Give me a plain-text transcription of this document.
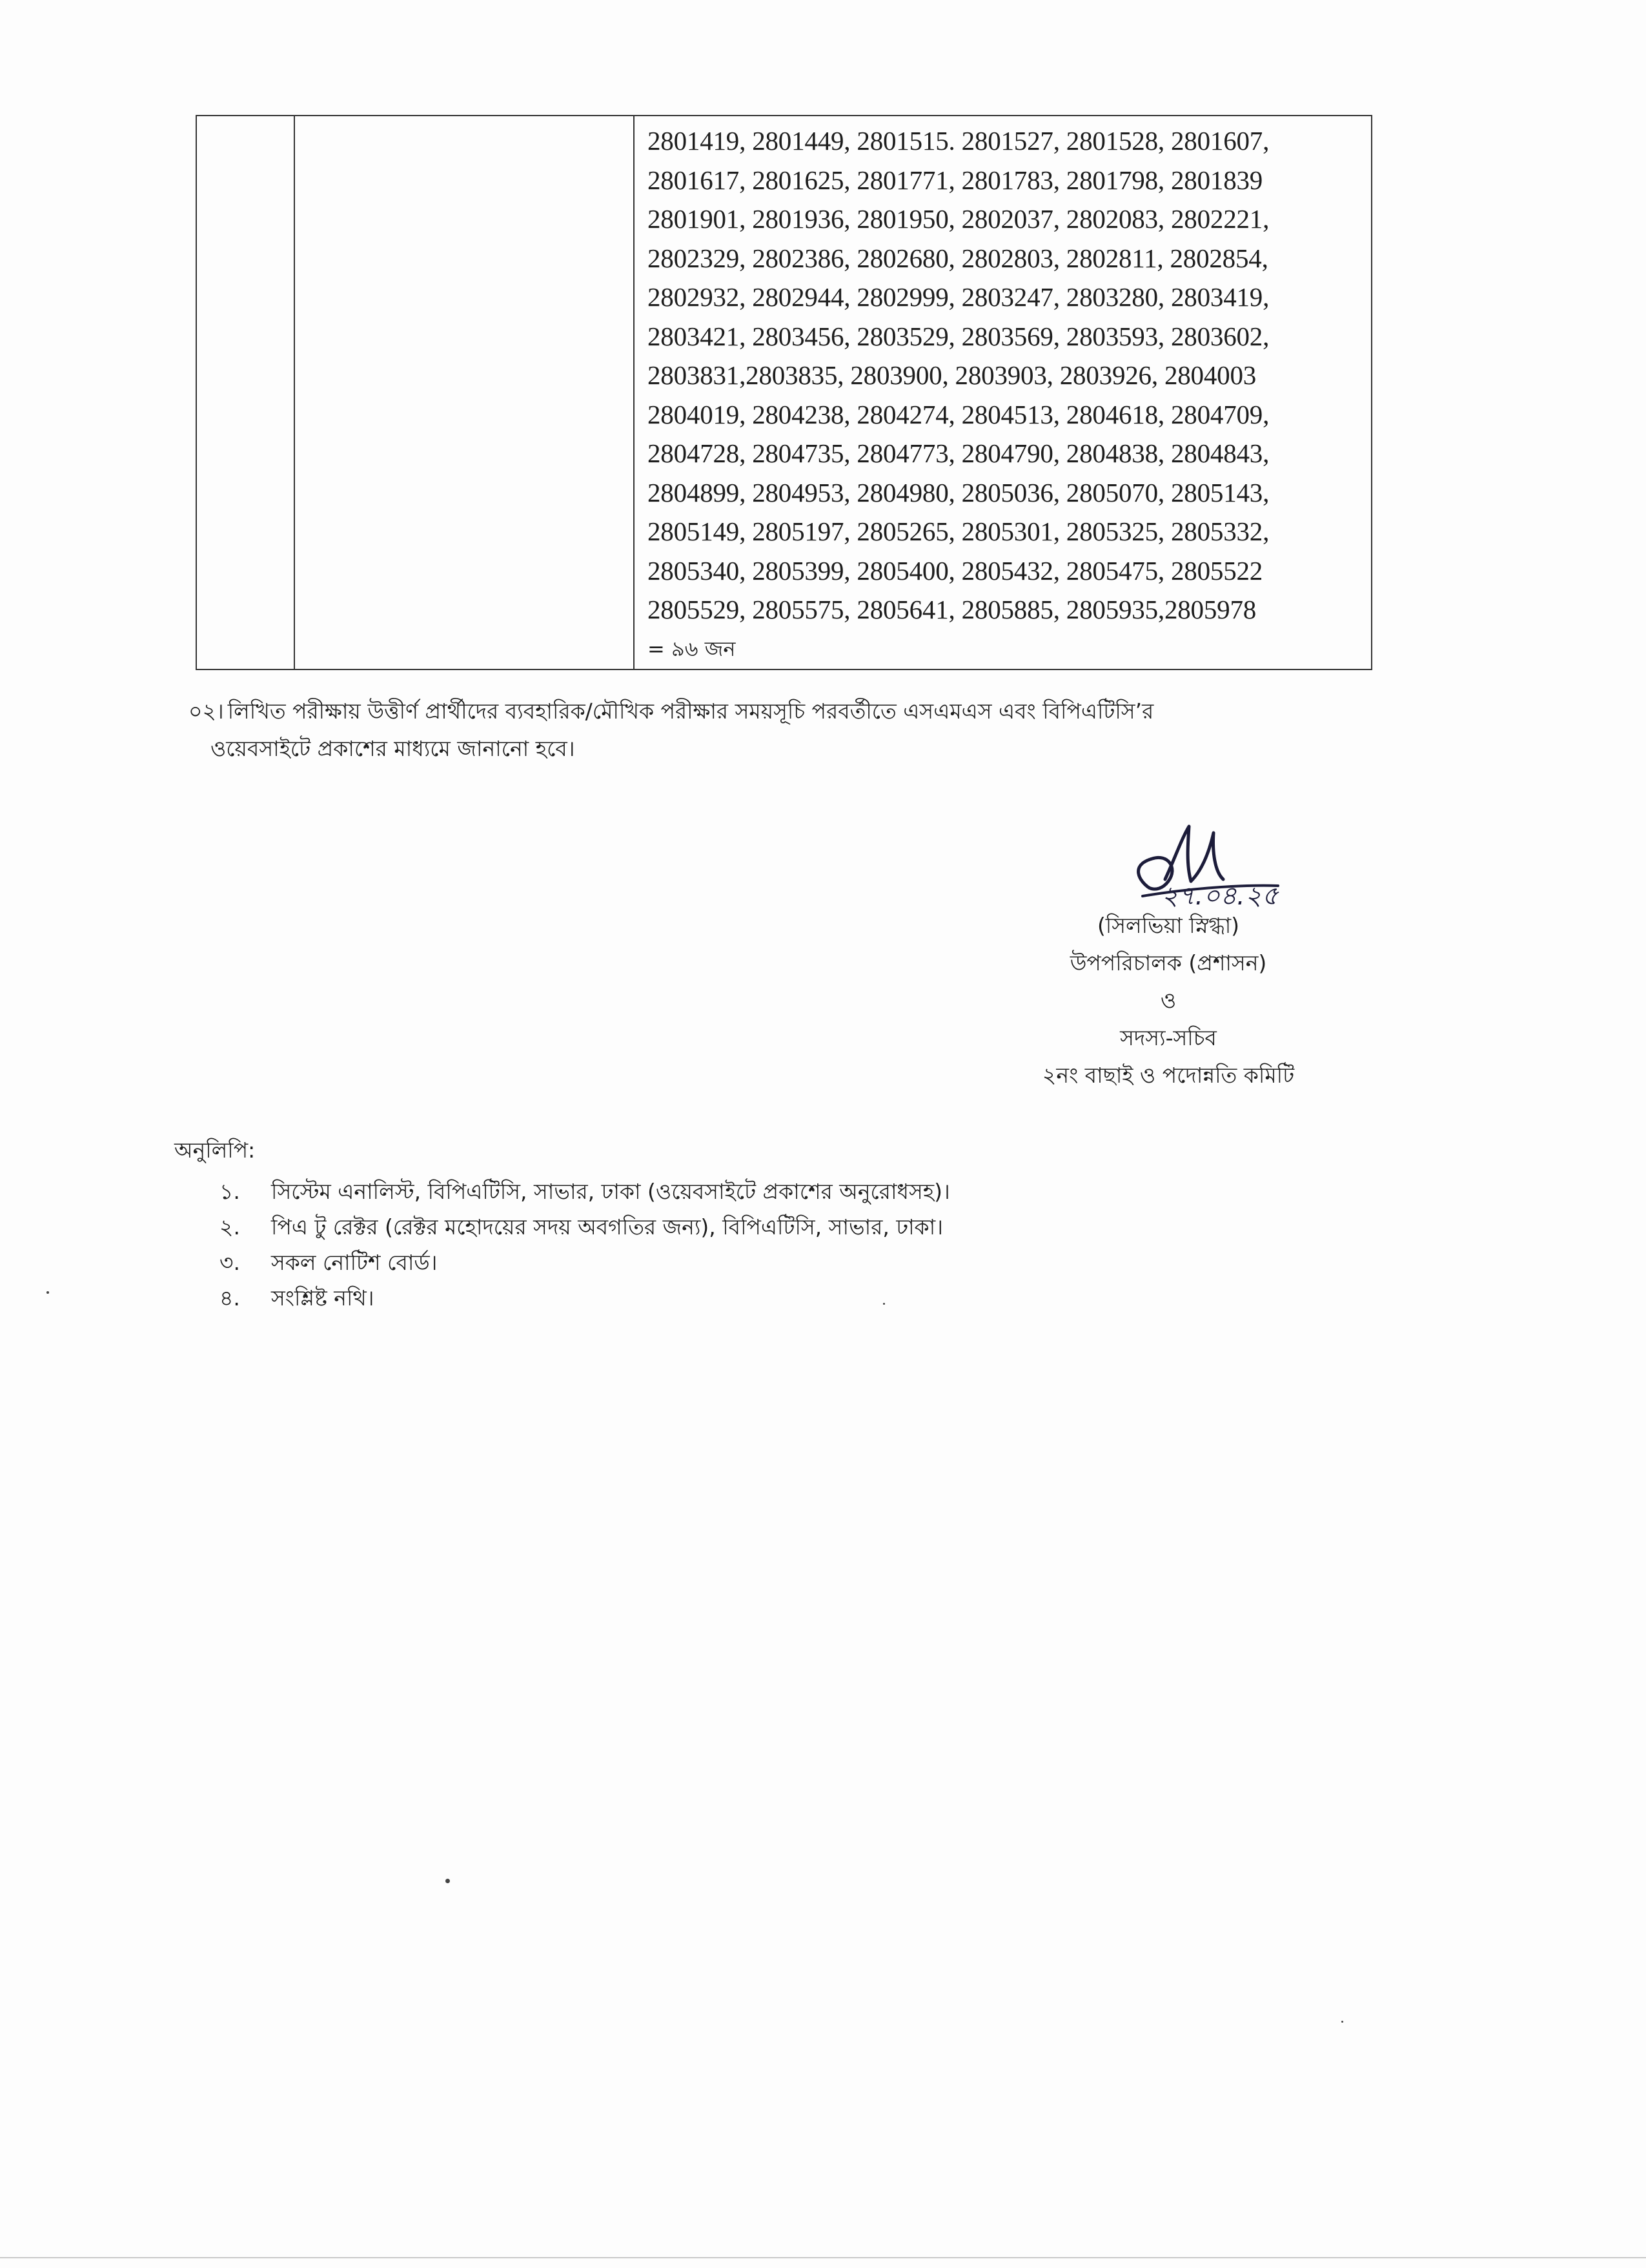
2801419, 2801449, 2801515. 2801527, 2801528, 2801607,
2801617, 2801625, 2801771, 2801783, 2801798, 2801839
2801901, 2801936, 2801950, 2802037, 2802083, 2802221,
2802329, 2802386, 2802680, 2802803, 2802811, 2802854,
2802932, 2802944, 2802999, 2803247, 2803280, 2803419,
2803421, 2803456, 2803529, 2803569, 2803593, 2803602,
2803831,2803835, 2803900, 2803903, 2803926, 2804003
2804019, 2804238, 2804274, 2804513, 2804618, 2804709,
2804728, 2804735, 2804773, 2804790, 2804838, 2804843,
2804899, 2804953, 2804980, 2805036, 2805070, 2805143,
2805149, 2805197, 2805265, 2805301, 2805325, 2805332,
2805340, 2805399, 2805400, 2805432, 2805475, 2805522
2805529, 2805575, 2805641, 2805885, 2805935,2805978
= ৯৬ জন
০২। লিখিত পরীক্ষায় উত্তীর্ণ প্রার্থীদের ব্যবহারিক/মৌখিক পরীক্ষার সময়সূচি পরবর্তীতে এসএমএস এবং বিপিএটিসি’র
ওয়েবসাইটে প্রকাশের মাধ্যমে জানানো হবে।
২৭.০৪.২৫
(সিলভিয়া স্নিগ্ধা)
উপপরিচালক (প্রশাসন)
ও
সদস্য-সচিব
২নং বাছাই ও পদোন্নতি কমিটি
অনুলিপি:
১. সিস্টেম এনালিস্ট, বিপিএটিসি, সাভার, ঢাকা (ওয়েবসাইটে প্রকাশের অনুরোধসহ)।
২. পিএ টু রেক্টর (রেক্টর মহোদয়ের সদয় অবগতির জন্য), বিপিএটিসি, সাভার, ঢাকা।
৩. সকল নোটিশ বোর্ড।
৪. সংশ্লিষ্ট নথি।
